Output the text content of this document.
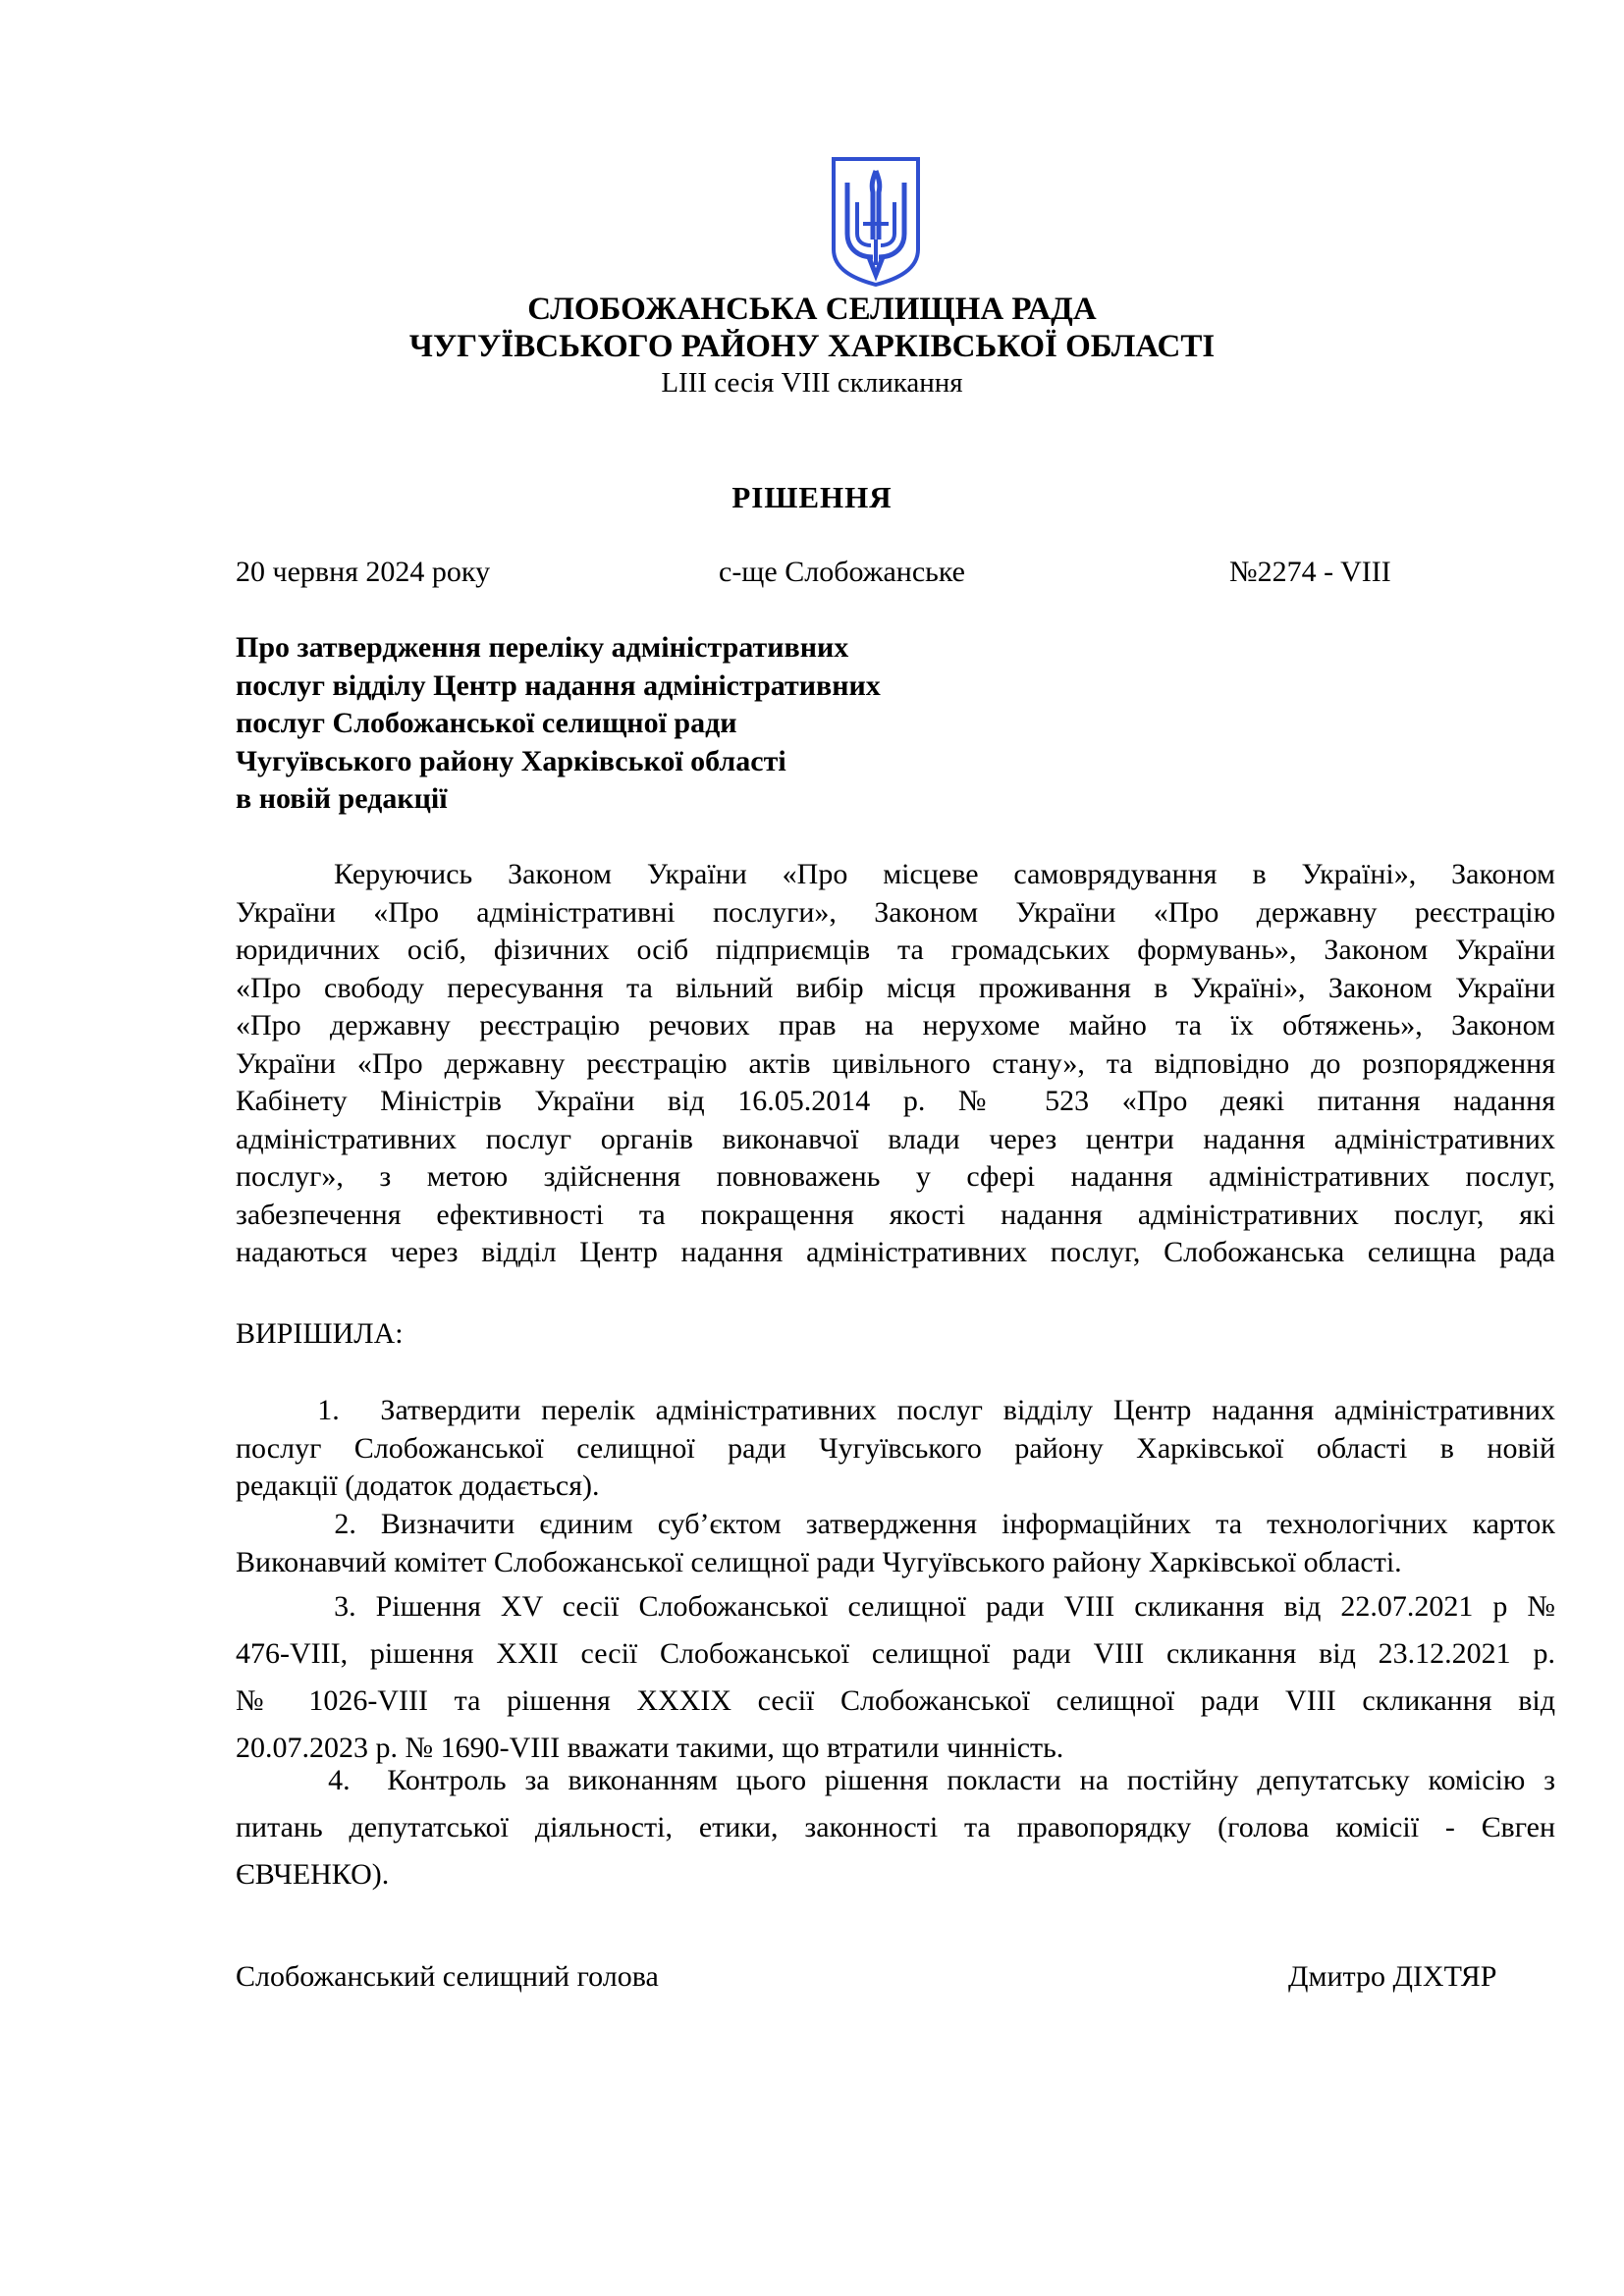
СЛОБОЖАНСЬКА СЕЛИЩНА РАДА
ЧУГУЇВСЬКОГО РАЙОНУ ХАРКІВСЬКОЇ ОБЛАСТІ
LIII сесія VIII скликання
РІШЕННЯ
20 червня 2024 року	с-ще Слобожанське	№2274 - VIII
Про затвердження переліку адміністративних
послуг відділу Центр надання адміністративних
послуг Слобожанської селищної ради
Чугуївського району Харківської області
в новій редакції
Керуючись Законом України «Про місцеве самоврядування в Україні», Законом
України «Про адміністративні послуги», Законом України «Про державну реєстрацію
юридичних осіб, фізичних осіб підприємців та громадських формувань», Законом України
«Про свободу пересування та вільний вибір місця проживання в Україні», Законом України
«Про державну реєстрацію речових прав на нерухоме майно та їх обтяжень», Законом
України «Про державну реєстрацію актів цивільного стану», та відповідно до розпорядження
Кабінету Міністрів України від 16.05.2014 р. № 523 «Про деякі питання надання
адміністративних послуг органів виконавчої влади через центри надання адміністративних
послуг», з метою здійснення повноважень у сфері надання адміністративних послуг,
забезпечення ефективності та покращення якості надання адміністративних послуг, які
надаються через відділ Центр надання адміністративних послуг, Слобожанська селищна рада
ВИРІШИЛА:
1.  Затвердити перелік адміністративних послуг відділу Центр надання адміністративних
послуг Слобожанської селищної ради Чугуївського району Харківської області в новій
редакції (додаток додається).
2. Визначити єдиним суб’єктом затвердження інформаційних та технологічних карток
Виконавчий комітет Слобожанської селищної ради Чугуївського району Харківської області.
3. Рішення XV сесії Слобожанської селищної ради VIII скликання від 22.07.2021 р №
476-VIII, рішення XXII сесії Слобожанської селищної ради VIII скликання від 23.12.2021 р.
№ 1026-VIII та рішення XXXIX сесії Слобожанської селищної ради VIII скликання від
20.07.2023 р. № 1690-VIII вважати такими, що втратили чинність.
4.  Контроль за виконанням цього рішення покласти на постійну депутатську комісію з
питань депутатської діяльності, етики, законності та правопорядку (голова комісії - Євген
ЄВЧЕНКО).
Слобожанський селищний голова	Дмитро ДІХТЯР
